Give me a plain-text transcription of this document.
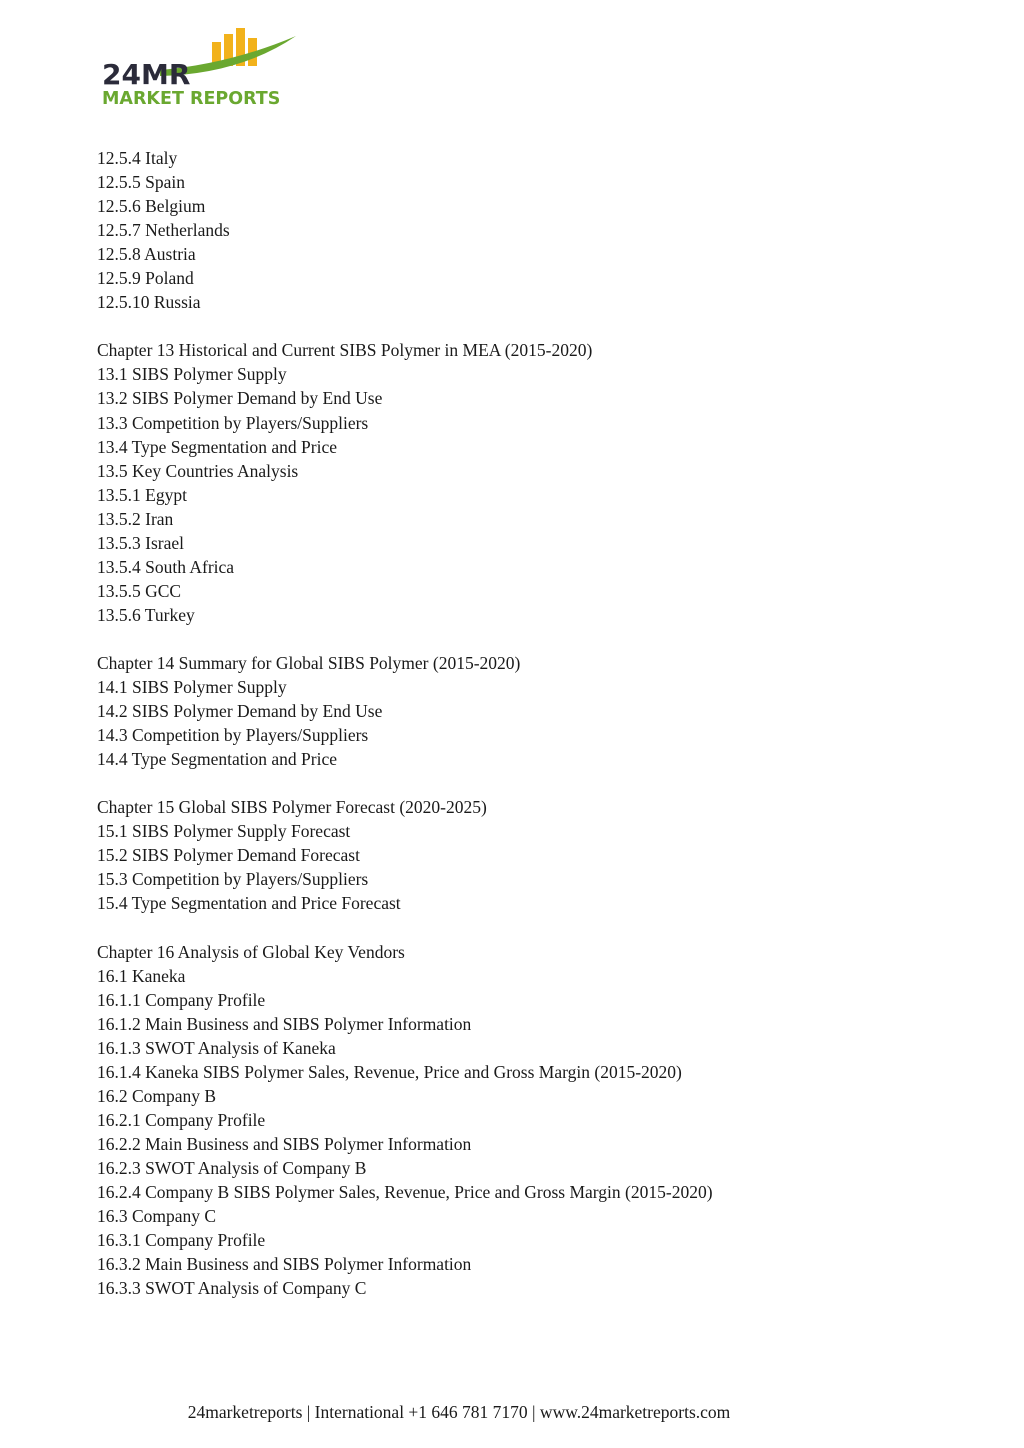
24MR
MARKET REPORTS
12.5.4 Italy
12.5.5 Spain
12.5.6 Belgium
12.5.7 Netherlands
12.5.8 Austria
12.5.9 Poland
12.5.10 Russia
Chapter 13 Historical and Current SIBS Polymer in MEA (2015-2020)
13.1 SIBS Polymer Supply
13.2 SIBS Polymer Demand by End Use
13.3 Competition by Players/Suppliers
13.4 Type Segmentation and Price
13.5 Key Countries Analysis
13.5.1 Egypt
13.5.2 Iran
13.5.3 Israel
13.5.4 South Africa
13.5.5 GCC
13.5.6 Turkey
Chapter 14 Summary for Global SIBS Polymer (2015-2020)
14.1 SIBS Polymer Supply
14.2 SIBS Polymer Demand by End Use
14.3 Competition by Players/Suppliers
14.4 Type Segmentation and Price
Chapter 15 Global SIBS Polymer Forecast (2020-2025)
15.1 SIBS Polymer Supply Forecast
15.2 SIBS Polymer Demand Forecast
15.3 Competition by Players/Suppliers
15.4 Type Segmentation and Price Forecast
Chapter 16 Analysis of Global Key Vendors
16.1 Kaneka
16.1.1 Company Profile
16.1.2 Main Business and SIBS Polymer Information
16.1.3 SWOT Analysis of Kaneka
16.1.4 Kaneka SIBS Polymer Sales, Revenue, Price and Gross Margin (2015-2020)
16.2 Company B
16.2.1 Company Profile
16.2.2 Main Business and SIBS Polymer Information
16.2.3 SWOT Analysis of Company B
16.2.4 Company B SIBS Polymer Sales, Revenue, Price and Gross Margin (2015-2020)
16.3 Company C
16.3.1 Company Profile
16.3.2 Main Business and SIBS Polymer Information
16.3.3 SWOT Analysis of Company C
24marketreports | International +1 646 781 7170 | www.24marketreports.com
